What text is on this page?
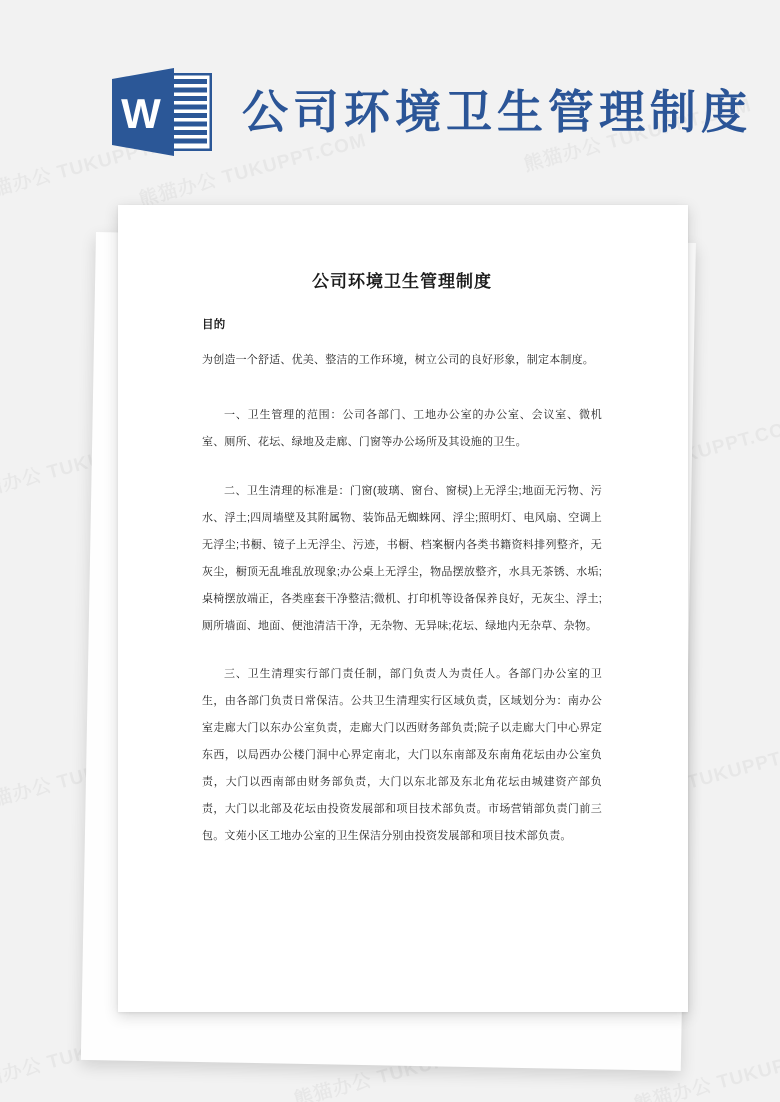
W 公司环境卫生管理制度
公司环境卫生管理制度
目的

为创造一个舒适、优美、整洁的工作环境，树立公司的良好形象，制定本制度。

一、卫生管理的范围：公司各部门、工地办公室的办公室、会议室、微机室、厕所、花坛、绿地及走廊、门窗等办公场所及其设施的卫生。

二、卫生清理的标准是：门窗(玻璃、窗台、窗棂)上无浮尘;地面无污物、污水、浮土;四周墙壁及其附属物、装饰品无蜘蛛网、浮尘;照明灯、电风扇、空调上无浮尘;书橱、镜子上无浮尘、污迹，书橱、档案橱内各类书籍资料排列整齐，无灰尘，橱顶无乱堆乱放现象;办公桌上无浮尘，物品摆放整齐，水具无茶锈、水垢;桌椅摆放端正，各类座套干净整洁;微机、打印机等设备保养良好，无灰尘、浮土;厕所墙面、地面、便池清洁干净，无杂物、无异味;花坛、绿地内无杂草、杂物。

三、卫生清理实行部门责任制，部门负责人为责任人。各部门办公室的卫生，由各部门负责日常保洁。公共卫生清理实行区域负责，区域划分为：南办公室走廊大门以东办公室负责，走廊大门以西财务部负责;院子以走廊大门中心界定东西，以局西办公楼门洞中心界定南北，大门以东南部及东南角花坛由办公室负责，大门以西南部由财务部负责，大门以东北部及东北角花坛由城建资产部负责，大门以北部及花坛由投资发展部和项目技术部负责。市场营销部负责门前三包。文苑小区工地办公室的卫生保洁分别由投资发展部和项目技术部负责。
